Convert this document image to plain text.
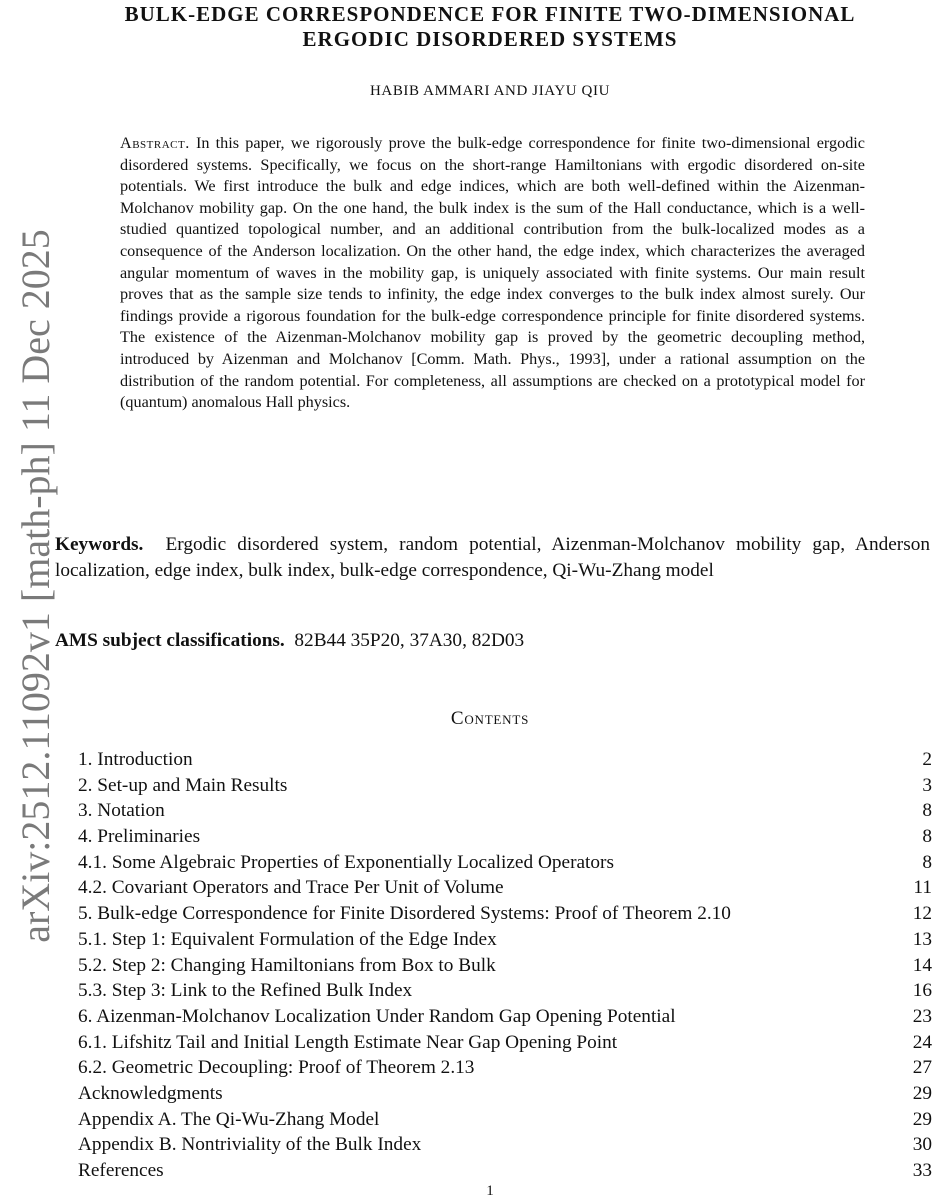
arXiv:2512.11092v1 [math-ph] 11 Dec 2025
BULK-EDGE CORRESPONDENCE FOR FINITE TWO-DIMENSIONAL
ERGODIC DISORDERED SYSTEMS
HABIB AMMARI AND JIAYU QIU
Abstract. In this paper, we rigorously prove the bulk-edge correspondence for finite two-dimensional ergodic disordered systems. Specifically, we focus on the short-range Hamiltonians with ergodic disordered on-site potentials. We first introduce the bulk and edge indices, which are both well-defined within the Aizenman-Molchanov mobility gap. On the one hand, the bulk index is the sum of the Hall conductance, which is a well-studied quantized topological number, and an additional contribution from the bulk-localized modes as a consequence of the Anderson localization. On the other hand, the edge index, which characterizes the averaged angular momentum of waves in the mobility gap, is uniquely associated with finite systems. Our main result proves that as the sample size tends to infinity, the edge index converges to the bulk index almost surely. Our findings provide a rigorous foundation for the bulk-edge correspondence principle for finite disordered systems. The existence of the Aizenman-Molchanov mobility gap is proved by the geometric decoupling method, introduced by Aizenman and Molchanov [Comm. Math. Phys., 1993], under a rational assumption on the distribution of the random potential. For completeness, all assumptions are checked on a prototypical model for (quantum) anomalous Hall physics.
Keywords. Ergodic disordered system, random potential, Aizenman-Molchanov mobility gap, Anderson localization, edge index, bulk index, bulk-edge correspondence, Qi-Wu-Zhang model
AMS subject classifications. 82B44 35P20, 37A30, 82D03
Contents
1. Introduction	2
2. Set-up and Main Results	3
3. Notation	8
4. Preliminaries	8
4.1. Some Algebraic Properties of Exponentially Localized Operators	8
4.2. Covariant Operators and Trace Per Unit of Volume	11
5. Bulk-edge Correspondence for Finite Disordered Systems: Proof of Theorem 2.10	12
5.1. Step 1: Equivalent Formulation of the Edge Index	13
5.2. Step 2: Changing Hamiltonians from Box to Bulk	14
5.3. Step 3: Link to the Refined Bulk Index	16
6. Aizenman-Molchanov Localization Under Random Gap Opening Potential	23
6.1. Lifshitz Tail and Initial Length Estimate Near Gap Opening Point	24
6.2. Geometric Decoupling: Proof of Theorem 2.13	27
Acknowledgments	29
Appendix A. The Qi-Wu-Zhang Model	29
Appendix B. Nontriviality of the Bulk Index	30
References	33
1
